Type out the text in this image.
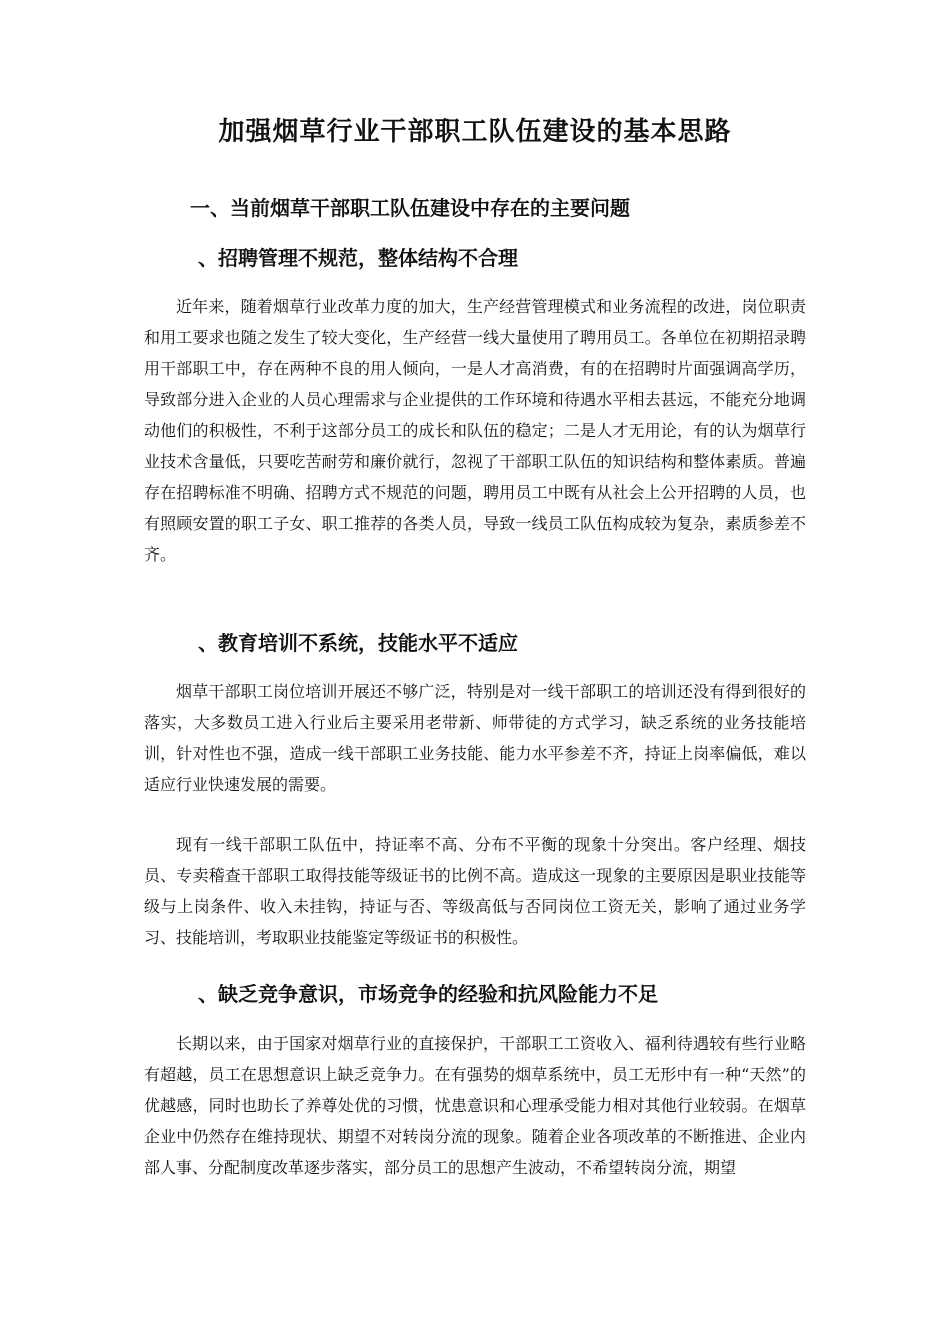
加强烟草行业干部职工队伍建设的基本思路
一、当前烟草干部职工队伍建设中存在的主要问题
、招聘管理不规范，整体结构不合理

近年来，随着烟草行业改革力度的加大，生产经营管理模式和业务流程的改进，岗位职责和用工要求也随之发生了较大变化，生产经营一线大量使用了聘用员工。各单位在初期招录聘用干部职工中，存在两种不良的用人倾向，一是人才高消费，有的在招聘时片面强调高学历，导致部分进入企业的人员心理需求与企业提供的工作环境和待遇水平相去甚远，不能充分地调动他们的积极性，不利于这部分员工的成长和队伍的稳定；二是人才无用论，有的认为烟草行业技术含量低，只要吃苦耐劳和廉价就行，忽视了干部职工队伍的知识结构和整体素质。普遍存在招聘标准不明确、招聘方式不规范的问题，聘用员工中既有从社会上公开招聘的人员，也有照顾安置的职工子女、职工推荐的各类人员，导致一线员工队伍构成较为复杂，素质参差不齐。

、教育培训不系统，技能水平不适应

烟草干部职工岗位培训开展还不够广泛，特别是对一线干部职工的培训还没有得到很好的落实，大多数员工进入行业后主要采用老带新、师带徒的方式学习，缺乏系统的业务技能培训，针对性也不强，造成一线干部职工业务技能、能力水平参差不齐，持证上岗率偏低，难以适应行业快速发展的需要。

现有一线干部职工队伍中，持证率不高、分布不平衡的现象十分突出。客户经理、烟技员、专卖稽查干部职工取得技能等级证书的比例不高。造成这一现象的主要原因是职业技能等级与上岗条件、收入未挂钩，持证与否、等级高低与否同岗位工资无关，影响了通过业务学习、技能培训，考取职业技能鉴定等级证书的积极性。

、缺乏竞争意识，市场竞争的经验和抗风险能力不足

长期以来，由于国家对烟草行业的直接保护，干部职工工资收入、福利待遇较有些行业略有超越，员工在思想意识上缺乏竞争力。在有强势的烟草系统中，员工无形中有一种“天然”的优越感，同时也助长了养尊处优的习惯，忧患意识和心理承受能力相对其他行业较弱。在烟草企业中仍然存在维持现状、期望不对转岗分流的现象。随着企业各项改革的不断推进、企业内部人事、分配制度改革逐步落实，部分员工的思想产生波动，不希望转岗分流，期望
